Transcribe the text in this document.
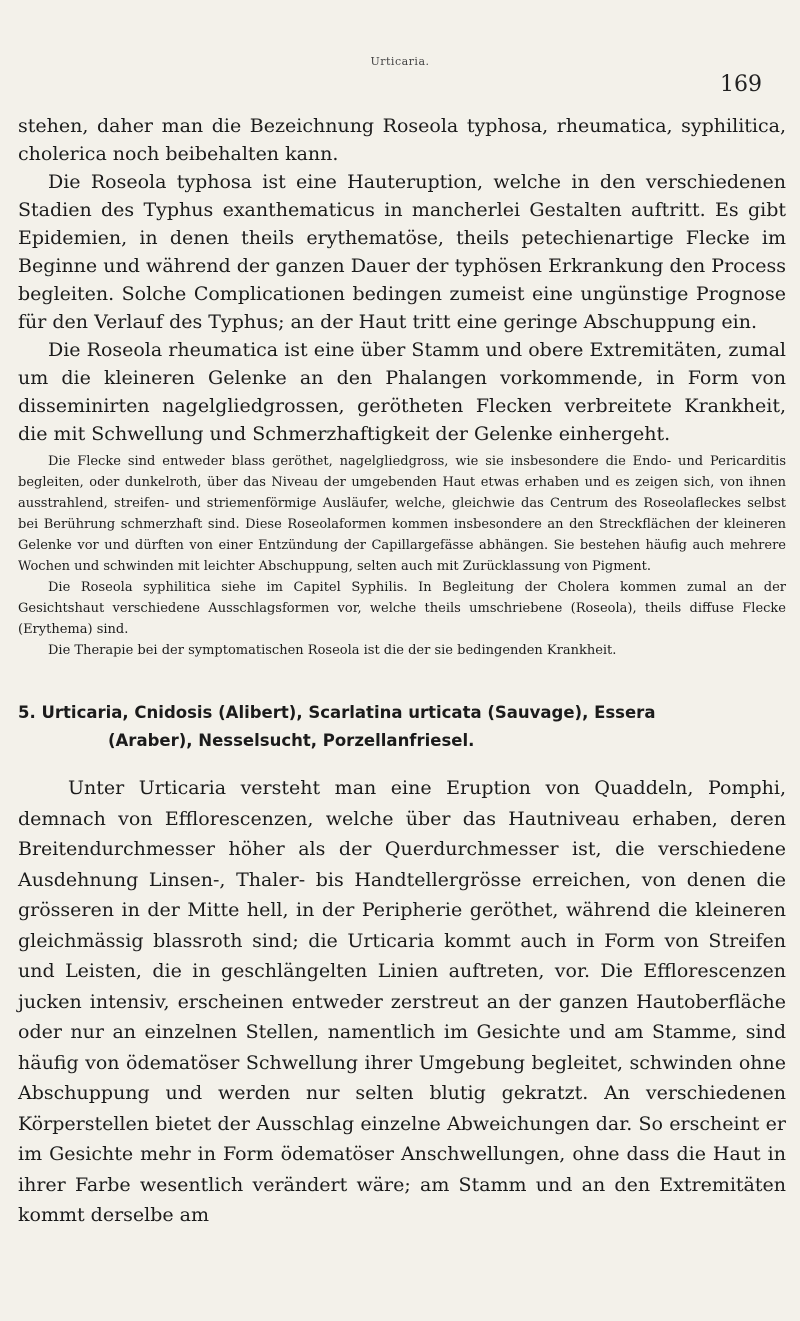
Urticaria.
169

stehen, daher man die Bezeichnung Roseola typhosa, rheumatica, syphilitica, cholerica noch beibehalten kann.

Die Roseola typhosa ist eine Hauteruption, welche in den verschiedenen Stadien des Typhus exanthematicus in mancherlei Gestalten auftritt. Es gibt Epidemien, in denen theils erythematöse, theils petechienartige Flecke im Beginne und während der ganzen Dauer der typhösen Erkrankung den Process begleiten. Solche Complicationen bedingen zumeist eine ungünstige Prognose für den Verlauf des Typhus; an der Haut tritt eine geringe Abschuppung ein.

Die Roseola rheumatica ist eine über Stamm und obere Extremitäten, zumal um die kleineren Gelenke an den Phalangen vorkommende, in Form von disseminirten nagelgliedgrossen, gerötheten Flecken verbreitete Krankheit, die mit Schwellung und Schmerzhaftigkeit der Gelenke einhergeht.

Die Flecke sind entweder blass geröthet, nagelgliedgross, wie sie insbesondere die Endo- und Pericarditis begleiten, oder dunkelroth, über das Niveau der umgebenden Haut etwas erhaben und es zeigen sich, von ihnen ausstrahlend, streifen- und striemenförmige Ausläufer, welche, gleichwie das Centrum des Roseolafleckes selbst bei Berührung schmerzhaft sind. Diese Roseolaformen kommen insbesondere an den Streckflächen der kleineren Gelenke vor und dürften von einer Entzündung der Capillargefässe abhängen. Sie bestehen häufig auch mehrere Wochen und schwinden mit leichter Abschuppung, selten auch mit Zurücklassung von Pigment.

Die Roseola syphilitica siehe im Capitel Syphilis. In Begleitung der Cholera kommen zumal an der Gesichtshaut verschiedene Ausschlagsformen vor, welche theils umschriebene (Roseola), theils diffuse Flecke (Erythema) sind.

Die Therapie bei der symptomatischen Roseola ist die der sie bedingenden Krankheit.

5. Urticaria, Cnidosis (Alibert), Scarlatina urticata (Sauvage), Essera
(Araber), Nesselsucht, Porzellanfriesel.

Unter Urticaria versteht man eine Eruption von Quaddeln, Pomphi, demnach von Efflorescenzen, welche über das Hautniveau erhaben, deren Breitendurchmesser höher als der Querdurchmesser ist, die verschiedene Ausdehnung Linsen-, Thaler- bis Handtellergrösse erreichen, von denen die grösseren in der Mitte hell, in der Peripherie geröthet, während die kleineren gleichmässig blassroth sind; die Urticaria kommt auch in Form von Streifen und Leisten, die in geschlängelten Linien auftreten, vor. Die Efflorescenzen jucken intensiv, erscheinen entweder zerstreut an der ganzen Hautoberfläche oder nur an einzelnen Stellen, namentlich im Gesichte und am Stamme, sind häufig von ödematöser Schwellung ihrer Umgebung begleitet, schwinden ohne Abschuppung und werden nur selten blutig gekratzt. An verschiedenen Körperstellen bietet der Ausschlag einzelne Abweichungen dar. So erscheint er im Gesichte mehr in Form ödematöser Anschwellungen, ohne dass die Haut in ihrer Farbe wesentlich verändert wäre; am Stamm und an den Extremitäten kommt derselbe am
